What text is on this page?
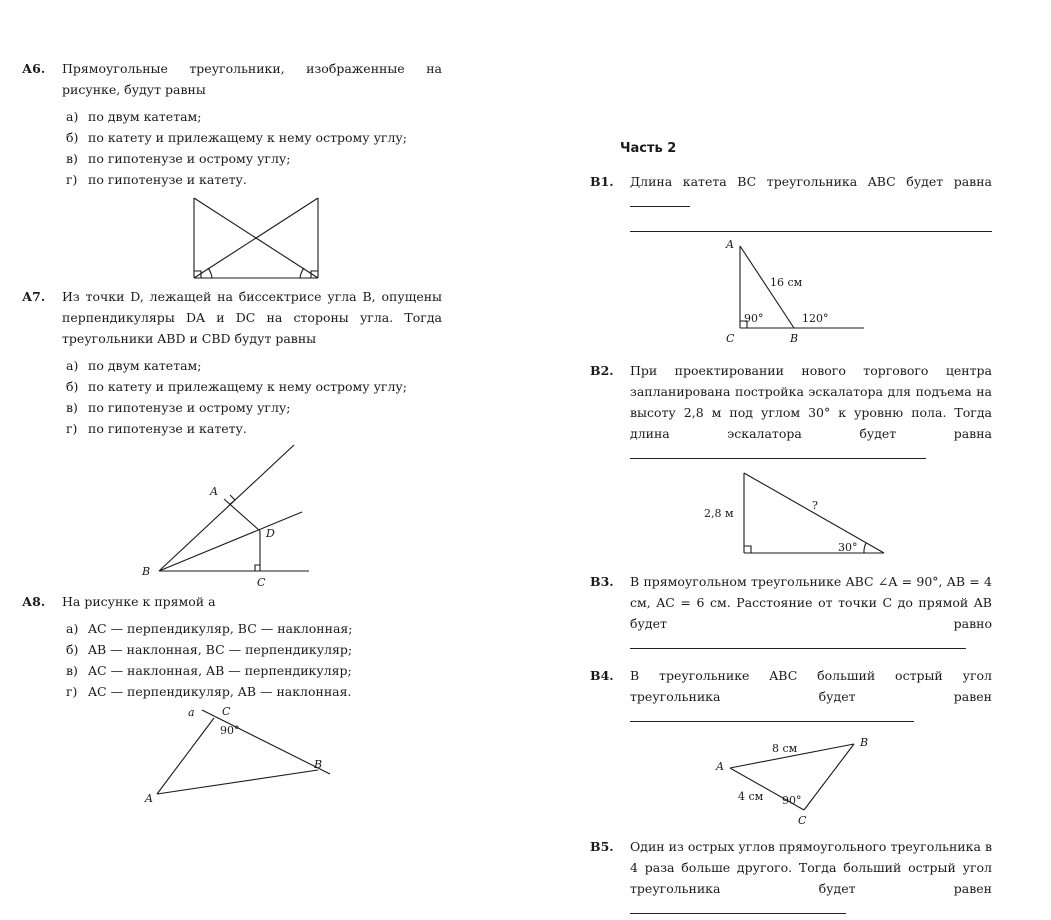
А6. Прямоугольные треугольники, изображенные на рисунке, будут равны
а) по двум катетам;
б) по катету и прилежащему к нему острому углу;
в) по гипотенузе и острому углу;
г) по гипотенузе и катету.
А7. Из точки D, лежащей на биссектрисе угла B, опущены перпендикуляры DA и DC на стороны угла. Тогда треугольники ABD и CBD будут равны
а) по двум катетам;
б) по катету и прилежащему к нему острому углу;
в) по гипотенузе и острому углу;
г) по гипотенузе и катету.
A
B
C
D
А8. На рисунке к прямой a
а) AC — перпендикуляр, BC — наклонная;
б) AB — наклонная, BC — перпендикуляр;
в) AC — наклонная, AB — перпендикуляр;
г) AC — перпендикуляр, AB — наклонная.
a C
90°
B
A
Часть 2
В1. Длина катета BC треугольника ABC будет равна
A
16 см
90°	120°
C	B
В2. При проектировании нового торгового центра запланирована постройка эскалатора для подъема на высоту 2,8 м под углом 30° к уровню пола. Тогда длина эскалатора будет равна
2,8 м
?
30°
В3. В прямоугольном треугольнике ABC ∠A = 90°, AB = 4 см, AC = 6 см. Расстояние от точки C до прямой AB будет равно
В4. В треугольнике ABC больший острый угол треугольника будет равен
A
8 см	B
4 см 90°
C
В5. Один из острых углов прямоугольного треугольника в 4 раза больше другого. Тогда больший острый угол треугольника будет равен
